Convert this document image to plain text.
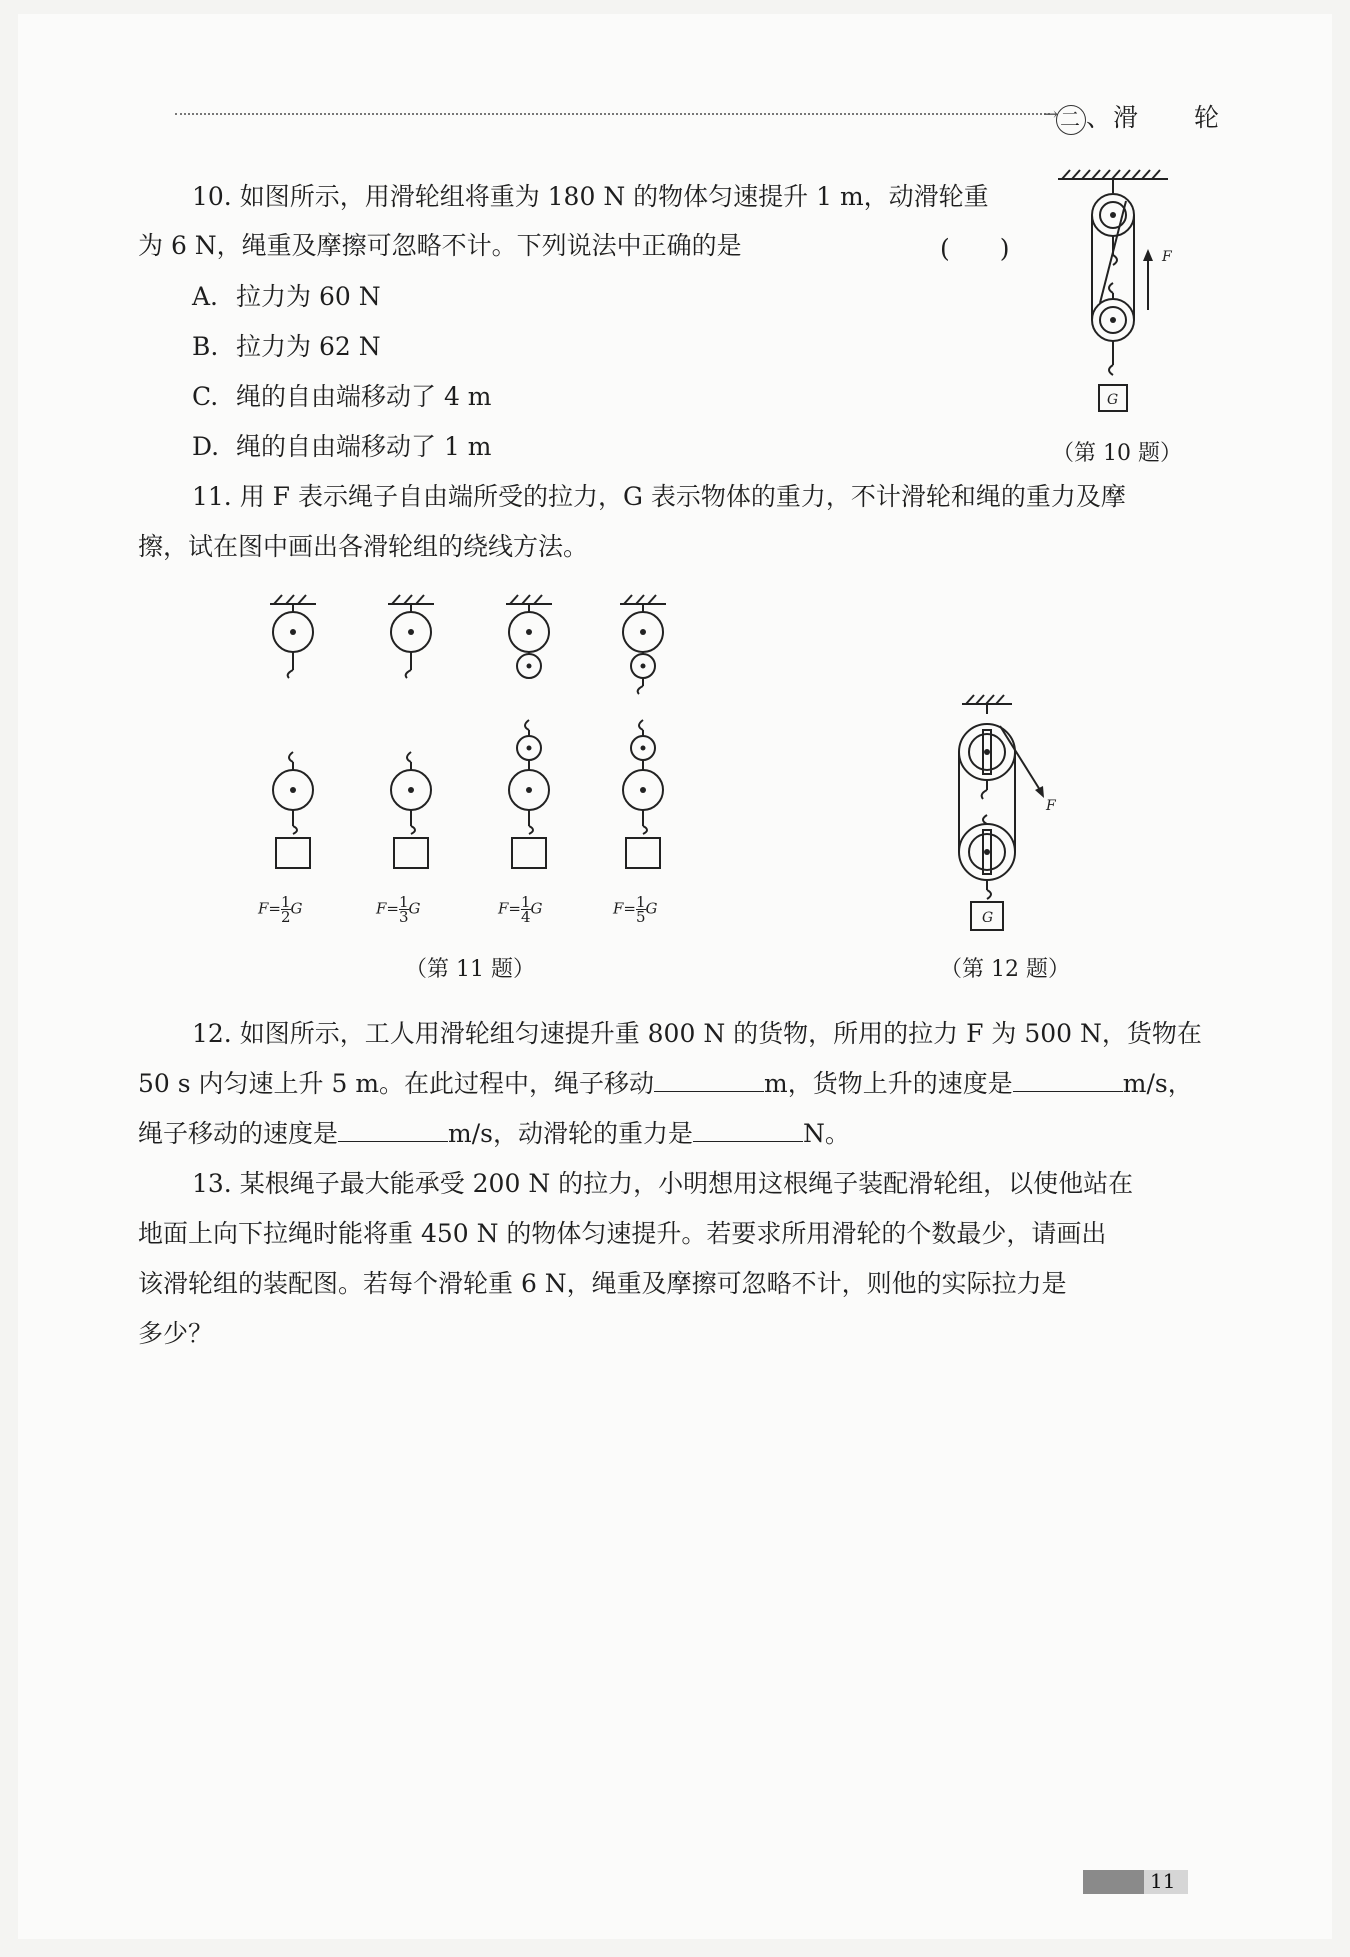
→ 二 、滑　　轮
10. 如图所示，用滑轮组将重为 180 N 的物体匀速提升 1 m，动滑轮重
为 6 N，绳重及摩擦可忽略不计。下列说法中正确的是	(　　)
A. 拉力为 60 N
B. 拉力为 62 N
C. 绳的自由端移动了 4 m
D. 绳的自由端移动了 1 m
F
G
（第 10 题）
11. 用 F 表示绳子自由端所受的拉力，G 表示物体的重力，不计滑轮和绳的重力及摩
擦，试在图中画出各滑轮组的绕线方法。
$F= \frac{1}{2}$ G	$F= \frac{1}{3}$ G	$F= \frac{1}{4}$ G	$F= \frac{1}{5}$ G
（第 11 题）
F
G
（第 12 题）
12. 如图所示，工人用滑轮组匀速提升重 800 N 的货物，所用的拉力 F 为 500 N，货物在
50 s 内匀速上升 5 m。在此过程中，绳子移动	m，货物上升的速度是	m/s，
绳子移动的速度是	m/s，动滑轮的重力是	N。
13. 某根绳子最大能承受 200 N 的拉力，小明想用这根绳子装配滑轮组，以使他站在
地面上向下拉绳时能将重 450 N 的物体匀速提升。若要求所用滑轮的个数最少，请画出
该滑轮组的装配图。若每个滑轮重 6 N，绳重及摩擦可忽略不计，则他的实际拉力是
多少？
11
